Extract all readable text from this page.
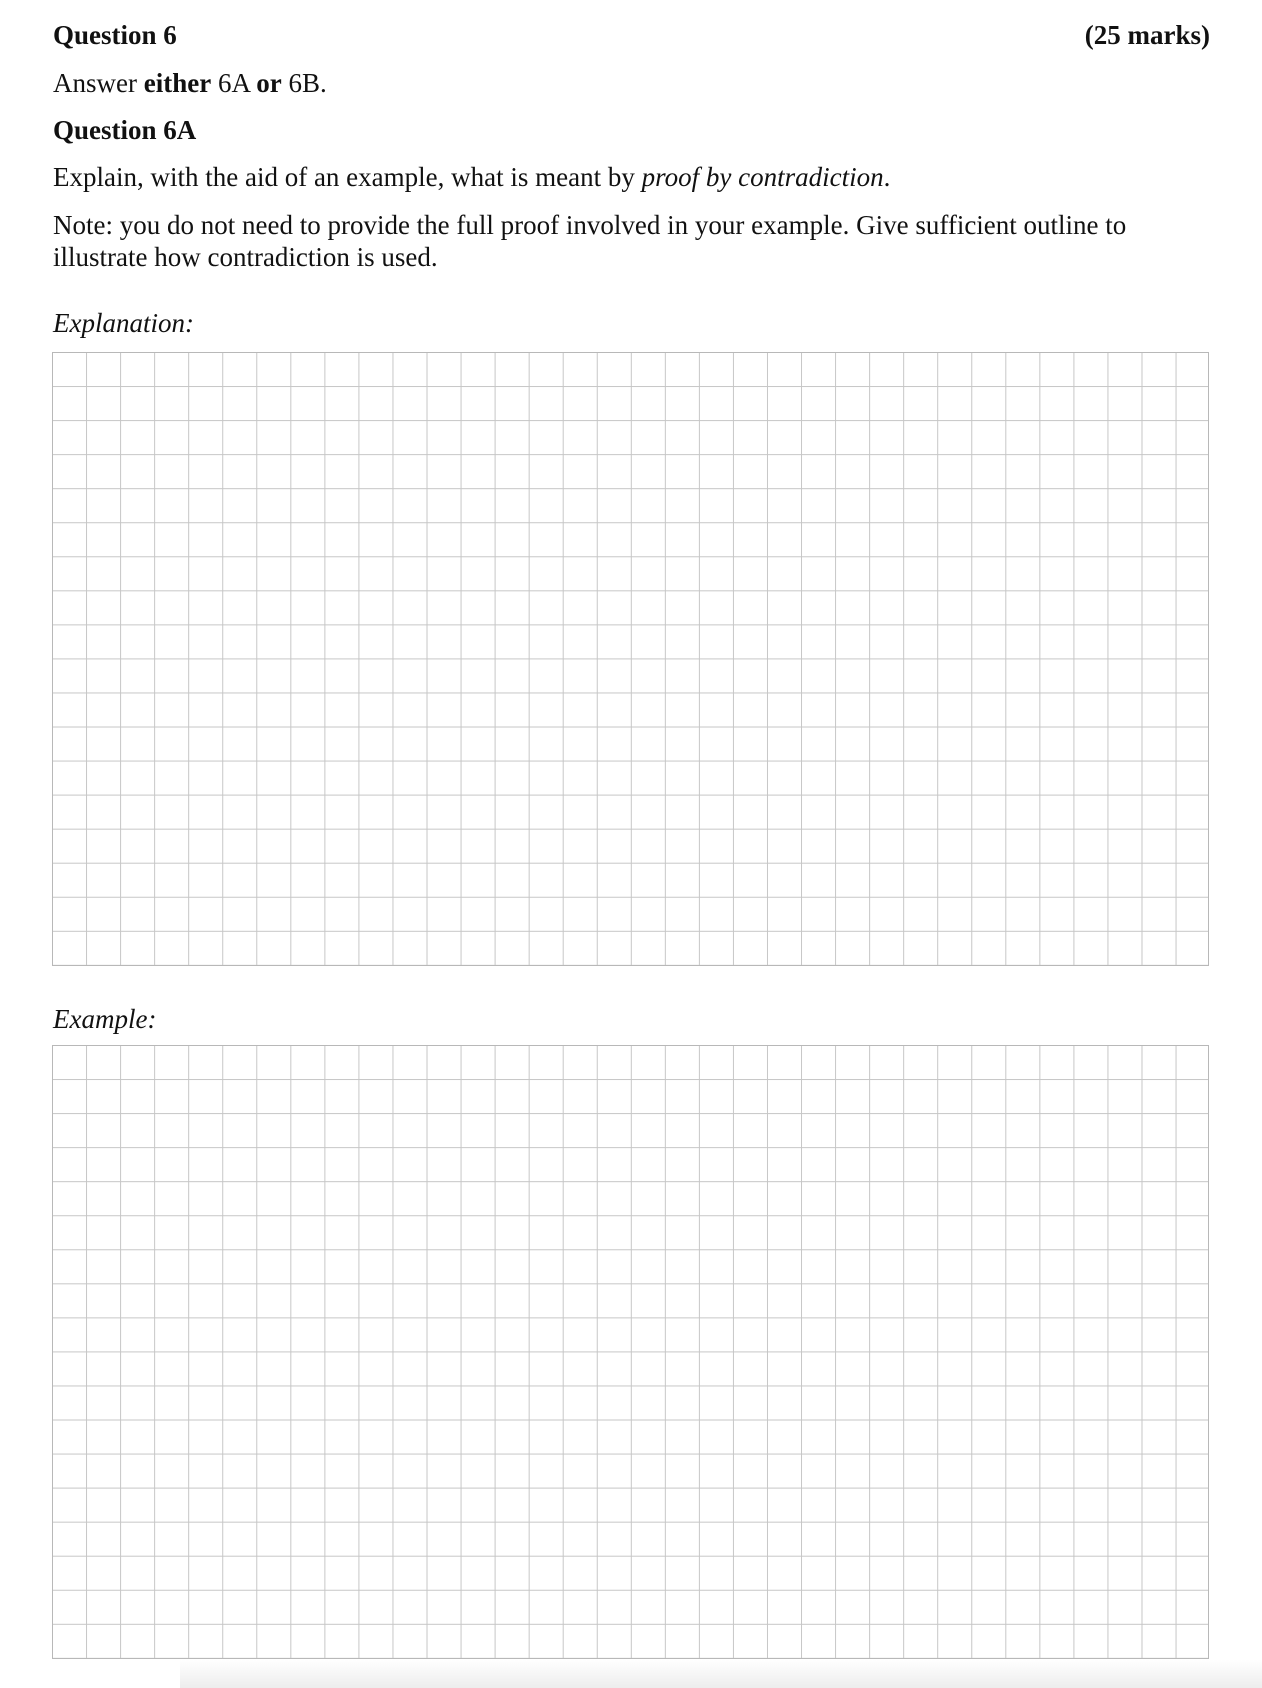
Question 6	(25 marks)
Answer either 6A or 6B.
Question 6A
Explain, with the aid of an example, what is meant by proof by contradiction.
Note: you do not need to provide the full proof involved in your example. Give sufficient outline to illustrate how contradiction is used.
Explanation:
Example:
